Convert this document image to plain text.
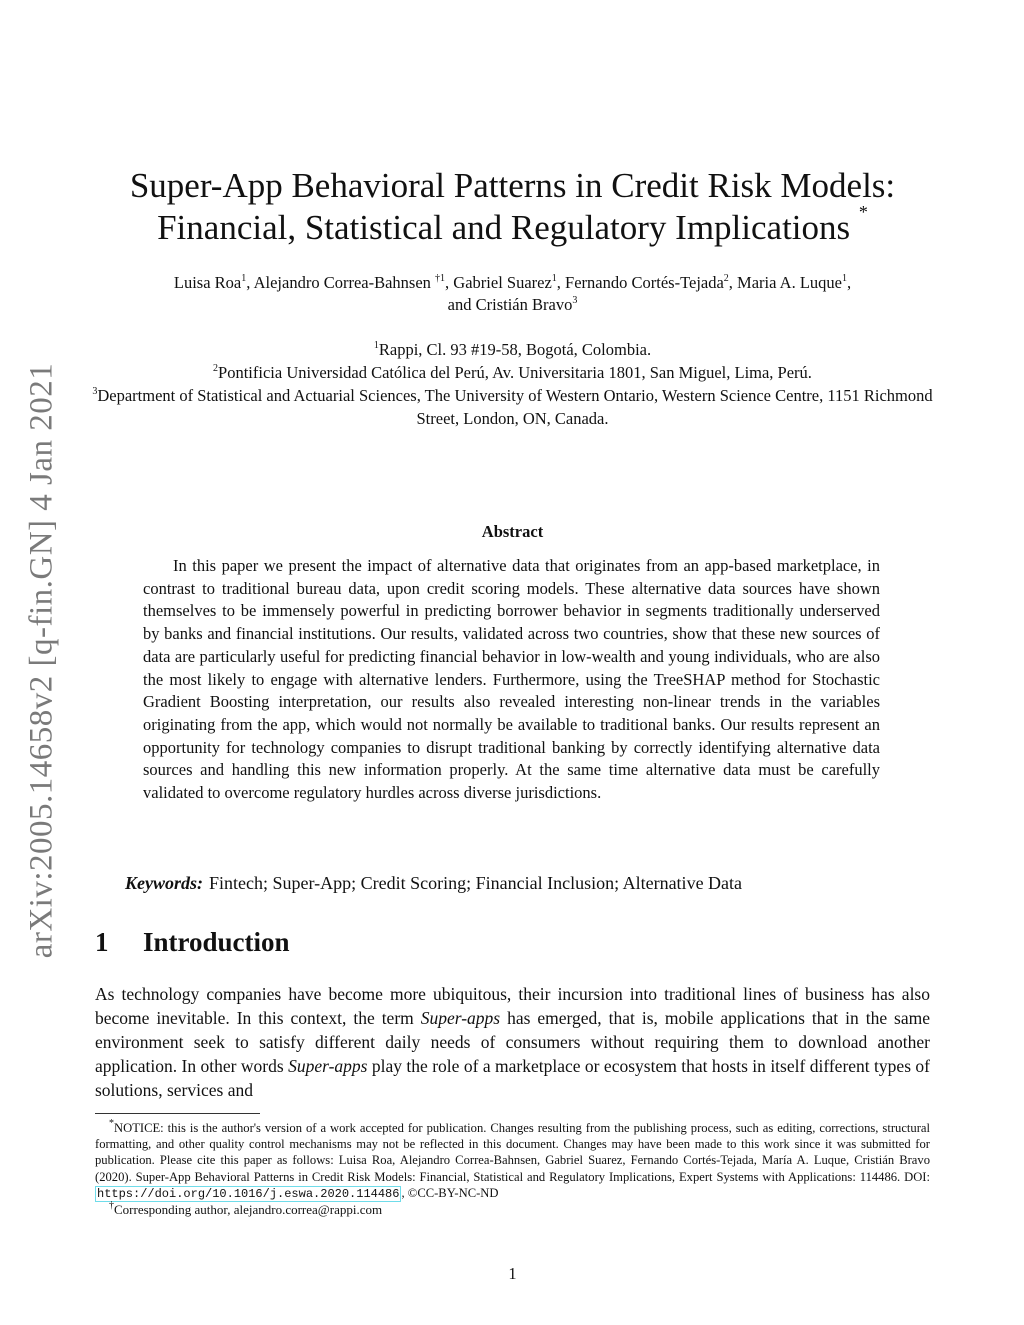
arXiv:2005.14658v2 [q-fin.GN] 4 Jan 2021
Super-App Behavioral Patterns in Credit Risk Models:
Financial, Statistical and Regulatory Implications *
Luisa Roa$^1$, Alejandro Correa-Bahnsen $^{\dagger 1}$, Gabriel Suarez$^1$, Fernando Cortés-Tejada$^2$, Maria A. Luque$^1$,
and Cristián Bravo$^3$
$^1$Rappi, Cl. 93 #19-58, Bogotá, Colombia.
$^2$Pontificia Universidad Católica del Perú, Av. Universitaria 1801, San Miguel, Lima, Perú.
$^3$Department of Statistical and Actuarial Sciences, The University of Western Ontario, Western Science Centre, 1151 Richmond Street, London, ON, Canada.
Abstract

In this paper we present the impact of alternative data that originates from an app-based marketplace, in contrast to traditional bureau data, upon credit scoring models. These alternative data sources have shown themselves to be immensely powerful in predicting borrower behavior in segments traditionally underserved by banks and financial institutions. Our results, validated across two countries, show that these new sources of data are particularly useful for predicting financial behavior in low-wealth and young individuals, who are also the most likely to engage with alternative lenders. Furthermore, using the TreeSHAP method for Stochastic Gradient Boosting interpretation, our results also revealed interesting non-linear trends in the variables originating from the app, which would not normally be available to traditional banks. Our results represent an opportunity for technology companies to disrupt traditional banking by correctly identifying alternative data sources and handling this new information properly. At the same time alternative data must be carefully validated to overcome regulatory hurdles across diverse jurisdictions.

Keywords: Fintech; Super-App; Credit Scoring; Financial Inclusion; Alternative Data
1 Introduction

As technology companies have become more ubiquitous, their incursion into traditional lines of business has also become inevitable. In this context, the term Super-apps has emerged, that is, mobile applications that in the same environment seek to satisfy different daily needs of consumers without requiring them to download another application. In other words Super-apps play the role of a marketplace or ecosystem that hosts in itself different types of solutions, services and

*NOTICE: this is the author's version of a work accepted for publication. Changes resulting from the publishing process, such as editing, corrections, structural formatting, and other quality control mechanisms may not be reflected in this document. Changes may have been made to this work since it was submitted for publication. Please cite this paper as follows: Luisa Roa, Alejandro Correa-Bahnsen, Gabriel Suarez, Fernando Cortés-Tejada, María A. Luque, Cristián Bravo (2020). Super-App Behavioral Patterns in Credit Risk Models: Financial, Statistical and Regulatory Implications, Expert Systems with Applications: 114486. DOI: https://doi.org/10.1016/j.eswa.2020.114486 , ©CC-BY-NC-ND

†Corresponding author, alejandro.correa@rappi.com

1
